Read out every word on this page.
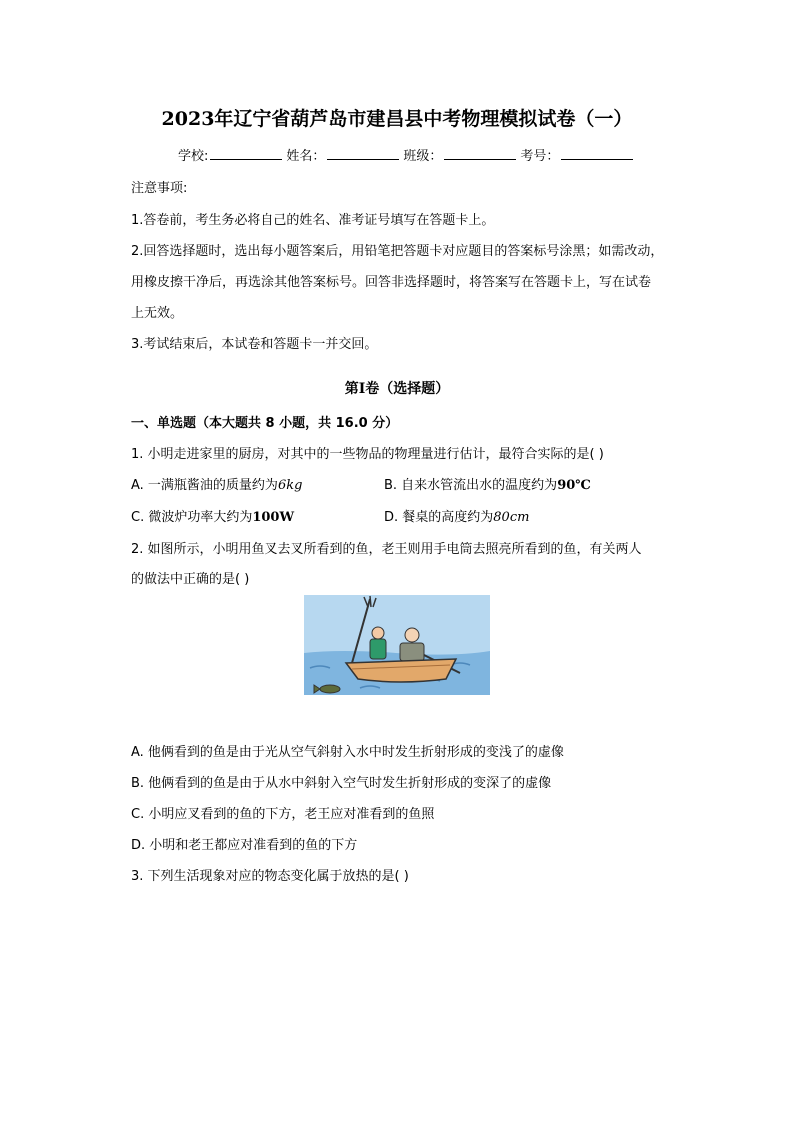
2023年辽宁省葫芦岛市建昌县中考物理模拟试卷（一）
学校:	姓名：	班级：	考号：
注意事项:
1.答卷前，考生务必将自己的姓名、准考证号填写在答题卡上。
2.回答选择题时，选出每小题答案后，用铅笔把答题卡对应题目的答案标号涂黑；如需改动，
用橡皮擦干净后，再选涂其他答案标号。回答非选择题时，将答案写在答题卡上，写在试卷
上无效。
3.考试结束后，本试卷和答题卡一并交回。
第Ⅰ卷（选择题）
一、单选题（本大题共 8 小题，共 16.0 分）
1. 小明走进家里的厨房，对其中的一些物品的物理量进行估计，最符合实际的是( )
A. 一满瓶酱油的质量约为6kg	B. 自来水管流出水的温度约为90℃
C. 微波炉功率大约为100W	D. 餐桌的高度约为80cm
2. 如图所示，小明用鱼叉去叉所看到的鱼，老王则用手电筒去照亮所看到的鱼，有关两人
的做法中正确的是( )
A. 他俩看到的鱼是由于光从空气斜射入水中时发生折射形成的变浅了的虚像
B. 他俩看到的鱼是由于从水中斜射入空气时发生折射形成的变深了的虚像
C. 小明应叉看到的鱼的下方，老王应对准看到的鱼照
D. 小明和老王都应对准看到的鱼的下方
3. 下列生活现象对应的物态变化属于放热的是( )
